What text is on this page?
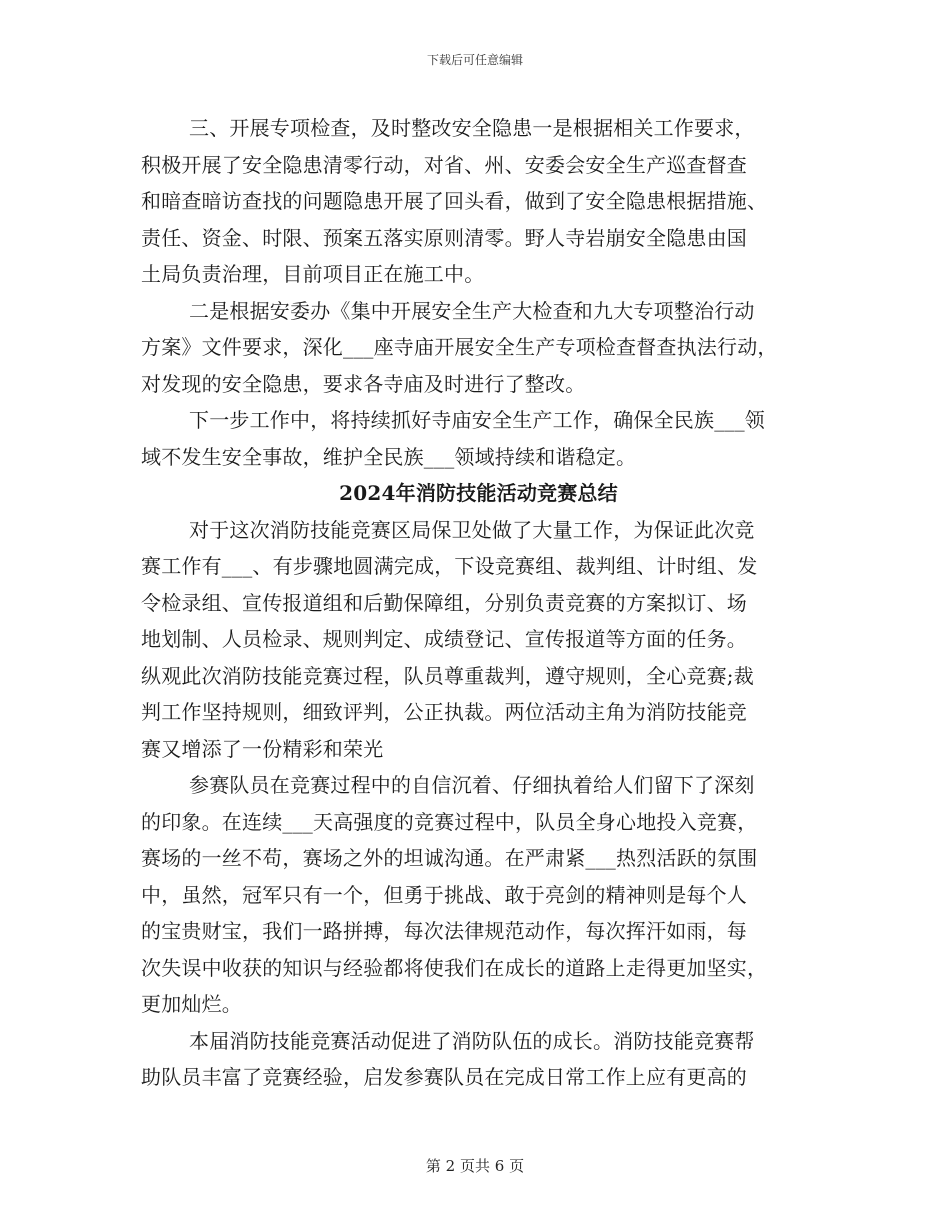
下载后可任意编辑
三、开展专项检查，及时整改安全隐患一是根据相关工作要求，
积极开展了安全隐患清零行动，对省、州、安委会安全生产巡查督查
和暗查暗访查找的问题隐患开展了回头看，做到了安全隐患根据措施、
责任、资金、时限、预案五落实原则清零。野人寺岩崩安全隐患由国
土局负责治理，目前项目正在施工中。
二是根据安委办《集中开展安全生产大检查和九大专项整治行动
方案》文件要求，深化___座寺庙开展安全生产专项检查督查执法行动，
对发现的安全隐患，要求各寺庙及时进行了整改。
下一步工作中，将持续抓好寺庙安全生产工作，确保全民族___领
域不发生安全事故，维护全民族___领域持续和谐稳定。
2024年消防技能活动竞赛总结
对于这次消防技能竞赛区局保卫处做了大量工作，为保证此次竞
赛工作有___、有步骤地圆满完成，下设竞赛组、裁判组、计时组、发
令检录组、宣传报道组和后勤保障组，分别负责竞赛的方案拟订、场
地划制、人员检录、规则判定、成绩登记、宣传报道等方面的任务。
纵观此次消防技能竞赛过程，队员尊重裁判，遵守规则，全心竞赛;裁
判工作坚持规则，细致评判，公正执裁。两位活动主角为消防技能竞
赛又增添了一份精彩和荣光
参赛队员在竞赛过程中的自信沉着、仔细执着给人们留下了深刻
的印象。在连续___天高强度的竞赛过程中，队员全身心地投入竞赛，
赛场的一丝不苟，赛场之外的坦诚沟通。在严肃紧___热烈活跃的氛围
中，虽然，冠军只有一个，但勇于挑战、敢于亮剑的精神则是每个人
的宝贵财宝，我们一路拼搏，每次法律规范动作，每次挥汗如雨，每
次失误中收获的知识与经验都将使我们在成长的道路上走得更加坚实，
更加灿烂。
本届消防技能竞赛活动促进了消防队伍的成长。消防技能竞赛帮
助队员丰富了竞赛经验，启发参赛队员在完成日常工作上应有更高的
第 2 页共 6 页
